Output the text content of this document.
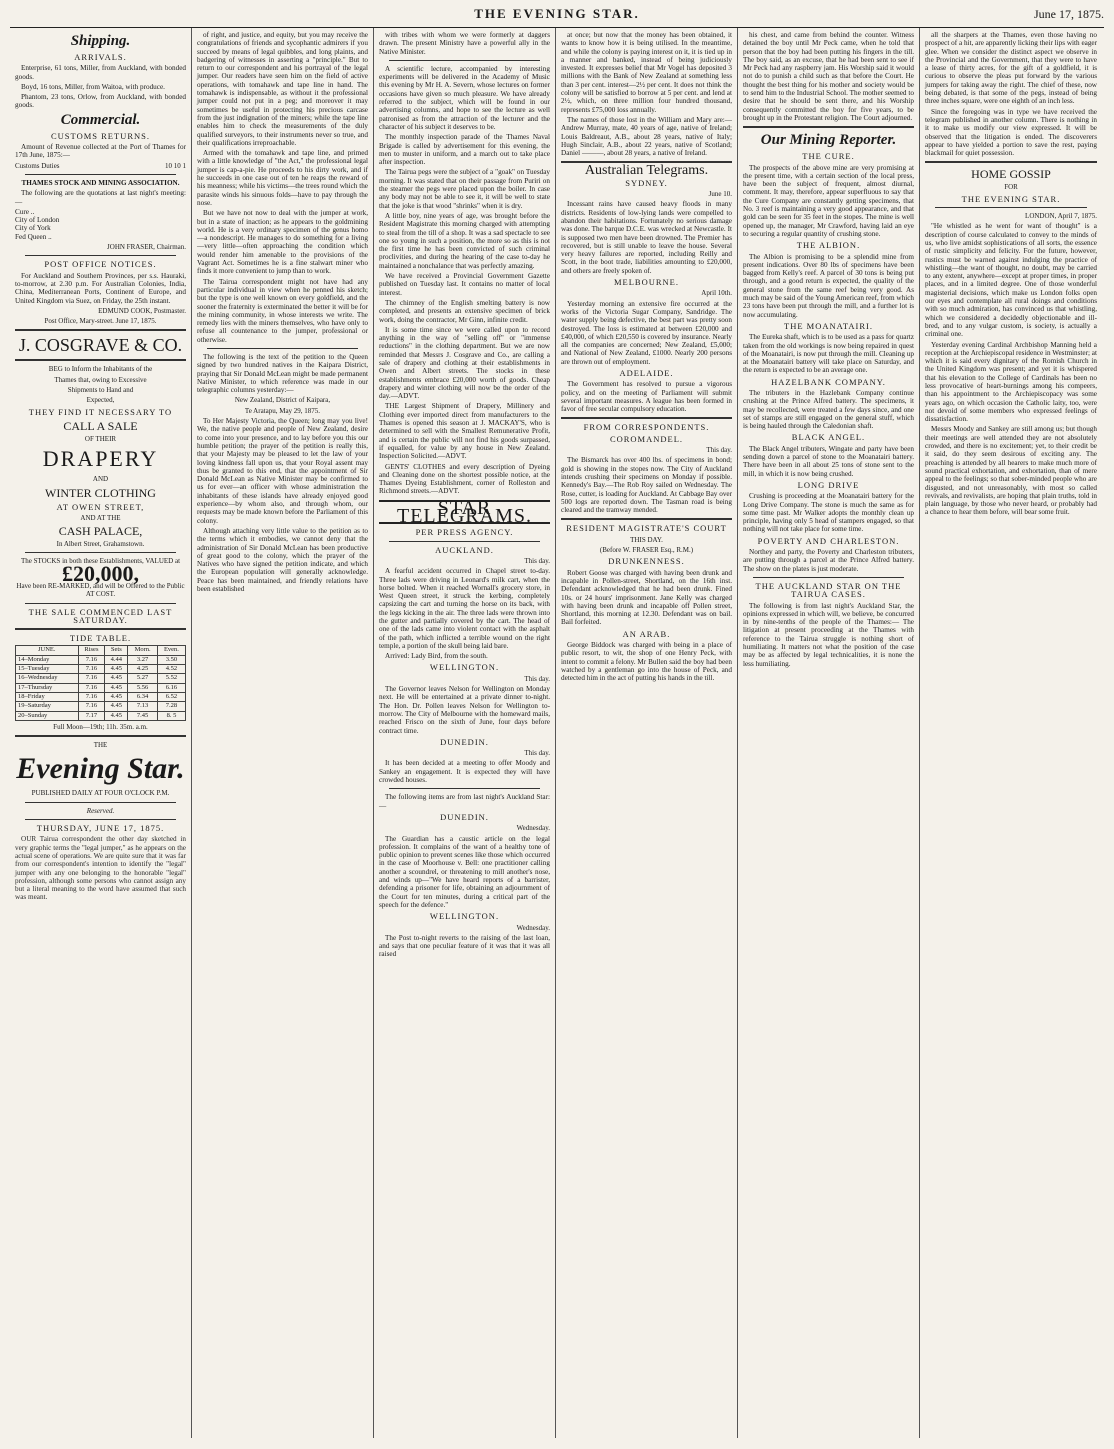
THE EVENING STAR.	June 17, 1875.
Shipping.
ARRIVALS.

Enterprise, 61 tons, Miller, from Auckland, with bonded goods.

Boyd, 16 tons, Miller, from Waitoa, with produce.

Phantom, 23 tons, Orlow, from Auckland, with bonded goods.

Commercial.
CUSTOMS RETURNS.

Amount of Revenue collected at the Port of Thames for 17th June, 1875:—

Customs Duties	10 10 1
THAMES STOCK AND MINING ASSOCIATION.

The following are the quotations at last night's meeting:—

Cure ..
City of London
City of York
Fed Queen ..
JOHN FRASER, Chairman.
POST OFFICE NOTICES.

For Auckland and Southern Provinces, per s.s. Hauraki, to-morrow, at 2.30 p.m. For Australian Colonies, India, China, Mediterranean Ports, Continent of Europe, and United Kingdom via Suez, on Friday, the 25th instant.

EDMUND COOK, Postmaster.
Post Office, Mary-street. June 17, 1875.
J. COSGRAVE & CO.
BEG to Inform the Inhabitants of the
Thames that, owing to Excessive
Shipments to Hand and
Expected,
THEY FIND IT NECESSARY TO
CALL A SALE
OF THEIR
DRAPERY
AND
WINTER CLOTHING
AT OWEN STREET,
AND AT THE
CASH PALACE,
In Albert Street, Grahamstown.
The STOCKS in both these Establishments, VALUED at
£20,000,
Have been RE-MARKED, and will be Offered to the Public AT COST.
THE SALE COMMENCED LAST SATURDAY.
TIDE TABLE.
JUNE.	Rises	Sets	Morn.	Even.
14–Monday	7.16	4.44	3.27	3.50
15–Tuesday	7.16	4.45	4.25	4.52
16–Wednesday	7.16	4.45	5.27	5.52
17–Thursday	7.16	4.45	5.56	6.16
18–Friday	7.16	4.45	6.34	6.52
19–Saturday	7.16	4.45	7.13	7.28
20–Sunday	7.17	4.45	7.45	8. 5
Full Moon—19th; 11h. 35m. a.m.
THE
Evening Star.
PUBLISHED DAILY AT FOUR O'CLOCK P.M.
Reserved.
THURSDAY, JUNE 17, 1875.

OUR Tairua correspondent the other day sketched in very graphic terms the "legal jumper," as he appears on the actual scene of operations. We are quite sure that it was far from our correspondent's intention to identify the "legal" jumper with any one belonging to the honorable "legal" profession, although some persons who cannot assign any but a literal meaning to the word have assumed that such was meant.

of right, and justice, and equity, but you may receive the congratulations of friends and sycophantic admirers if you succeed by means of legal quibbles, and long plaints, and badgering of witnesses in asserting a "principle." But to return to our correspondent and his portrayal of the legal jumper. Our readers have seen him on the field of active operations, with tomahawk and tape line in hand. The tomahawk is indispensable, as without it the professional jumper could not put in a peg; and moreover it may sometimes be useful in protecting his precious carcase from the just indignation of the miners; while the tape line enables him to check the measurements of the duly qualified surveyors, to their instruments never so true, and their qualifications irreproachable.

Armed with the tomahawk and tape line, and primed with a little knowledge of "the Act," the professional legal jumper is cap-a-pie. He proceeds to his dirty work, and if he succeeds in one case out of ten he reaps the reward of his meanness; while his victims—the trees round which the parasite winds his sinuous folds—have to pay through the nose.

But we have not now to deal with the jumper at work, but in a state of inaction; as he appears to the goldmining world. He is a very ordinary specimen of the genus homo—a nondescript. He manages to do something for a living—very little—often approaching the condition which would render him amenable to the provisions of the Vagrant Act. Sometimes he is a fine stalwart miner who finds it more convenient to jump than to work.

The Tairua correspondent might not have had any particular individual in view when he penned his sketch; but the type is one well known on every goldfield, and the sooner the fraternity is exterminated the better it will be for the mining community, in whose interests we write. The remedy lies with the miners themselves, who have only to refuse all countenance to the jumper, professional or otherwise.

The following is the text of the petition to the Queen signed by two hundred natives in the Kaipara District, praying that Sir Donald McLean might be made permanent Native Minister, to which reference was made in our telegraphic columns yesterday:—

New Zealand, District of Kaipara,
Te Aratapu, May 29, 1875.

To Her Majesty Victoria, the Queen; long may you live! We, the native people and people of New Zealand, desire to come into your presence, and to lay before you this our humble petition; the prayer of the petition is really this, that your Majesty may be pleased to let the law of your loving kindness fall upon us, that your Royal assent may thus be granted to this end, that the appointment of Sir Donald McLean as Native Minister may be confirmed to us for ever—an officer with whose administration the inhabitants of these islands have already enjoyed good experience—by whom also, and through whom, our requests may be made known before the Parliament of this colony.

Although attaching very little value to the petition as to the terms which it embodies, we cannot deny that the administration of Sir Donald McLean has been productive of great good to the colony, which the prayer of the Natives who have signed the petition indicate, and which the European population will generally acknowledge. Peace has been maintained, and friendly relations have been established

with tribes with whom we were formerly at daggers drawn. The present Ministry have a powerful ally in the Native Minister.

A scientific lecture, accompanied by interesting experiments will be delivered in the Academy of Music this evening by Mr H. A. Severn, whose lectures on former occasions have given so much pleasure. We have already referred to the subject, which will be found in our advertising columns, and hope to see the lecture as well patronised as from the attraction of the lecturer and the character of his subject it deserves to be.

The monthly inspection parade of the Thames Naval Brigade is called by advertisement for this evening, the men to muster in uniform, and a march out to take place after inspection.

The Tairua pegs were the subject of a "goak" on Tuesday morning. It was stated that on their passage from Puriri on the steamer the pegs were placed upon the boiler. In case any body may not be able to see it, it will be well to state that the joke is that wood "shrinks" when it is dry.

A little boy, nine years of age, was brought before the Resident Magistrate this morning charged with attempting to steal from the till of a shop. It was a sad spectacle to see one so young in such a position, the more so as this is not the first time he has been convicted of such criminal proclivities, and during the hearing of the case to-day he maintained a nonchalance that was perfectly amazing.

We have received a Provincial Government Gazette published on Tuesday last. It contains no matter of local interest.

The chimney of the English smelting battery is now completed, and presents an extensive specimen of brick work, doing the contractor, Mr Ginn, infinite credit.

It is some time since we were called upon to record anything in the way of "selling off" or "immense reductions" in the clothing department. But we are now reminded that Messrs J. Cosgrave and Co., are calling a sale of drapery and clothing at their establishments in Owen and Albert streets. The stocks in these establishments embrace £20,000 worth of goods. Cheap drapery and winter clothing will now be the order of the day.—ADVT.

THE Largest Shipment of Drapery, Millinery and Clothing ever imported direct from manufacturers to the Thames is opened this season at J. MACKAY'S, who is determined to sell with the Smallest Remunerative Profit, and is certain the public will not find his goods surpassed, if equalled, for value by any house in New Zealand. Inspection Solicited.—ADVT.

GENTS' CLOTHES and every description of Dyeing and Cleaning done on the shortest possible notice, at the Thames Dyeing Establishment, corner of Rolleston and Richmond streets.—ADVT.

STAR TELEGRAMS.
PER PRESS AGENCY.
AUCKLAND.
This day.

A fearful accident occurred in Chapel street to-day. Three lads were driving in Leonard's milk cart, when the horse bolted. When it reached Wornall's grocery store, in West Queen street, it struck the kerbing, completely capsizing the cart and turning the horse on its back, with the legs kicking in the air. The three lads were thrown into the gutter and partially covered by the cart. The head of one of the lads came into violent contact with the asphalt of the path, which inflicted a terrible wound on the right temple, a portion of the skull being laid bare.

Arrived: Lady Bird, from the south.

WELLINGTON.
This day.

The Governor leaves Nelson for Wellington on Monday next. He will be entertained at a private dinner to-night. The Hon. Dr. Pollen leaves Nelson for Wellington to-morrow. The City of Melbourne with the homeward mails, reached Frisco on the sixth of June, four days before contract time.

DUNEDIN.
This day.

It has been decided at a meeting to offer Moody and Sankey an engagement. It is expected they will have crowded houses.

The following items are from last night's Auckland Star:—

DUNEDIN.
Wednesday.

The Guardian has a caustic article on the legal profession. It complains of the want of a healthy tone of public opinion to prevent scenes like those which occurred in the case of Moorhouse v. Bell: one practitioner calling another a scoundrel, or threatening to mill another's nose, and winds up—"We have heard reports of a barrister, defending a prisoner for life, obtaining an adjournment of the Court for ten minutes, during a critical part of the speech for the defence."

WELLINGTON.
Wednesday.

The Post to-night reverts to the raising of the last loan, and says that one peculiar feature of it was that it was all raised

at once; but now that the money has been obtained, it wants to know how it is being utilised. In the meantime, and while the colony is paying interest on it, it is tied up in a manner and banked, instead of being judiciously invested. It expresses belief that Mr Vogel has deposited 3 millions with the Bank of New Zealand at something less than 3 per cent. interest—2½ per cent. It does not think the colony will be satisfied to borrow at 5 per cent. and lend at 2½, which, on three million four hundred thousand, represents £75,000 loss annually.

The names of those lost in the William and Mary are:—Andrew Murray, mate, 40 years of age, native of Ireland; Louis Baldreaut, A.B., about 28 years, native of Italy; Hugh Sinclair, A.B., about 22 years, native of Scotland; Daniel ———, about 28 years, a native of Ireland.

Australian Telegrams.
SYDNEY.
June 10.

Incessant rains have caused heavy floods in many districts. Residents of low-lying lands were compelled to abandon their habitations. Fortunately no serious damage was done. The barque D.C.E. was wrecked at Newcastle. It is supposed two men have been drowned. The Premier has recovered, but is still unable to leave the house. Several very heavy failures are reported, including Reilly and Scott, in the boot trade, liabilities amounting to £20,000, and others are freely spoken of.

MELBOURNE.
April 10th.

Yesterday morning an extensive fire occurred at the works of the Victoria Sugar Company, Sandridge. The water supply being defective, the best part was pretty soon destroyed. The loss is estimated at between £20,000 and £40,000, of which £20,550 is covered by insurance. Nearly all the companies are concerned; New Zealand, £5,000; and National of New Zealand, £1000. Nearly 200 persons are thrown out of employment.

ADELAIDE.

The Government has resolved to pursue a vigorous policy, and on the meeting of Parliament will submit several important measures. A league has been formed in favor of free secular compulsory education.

FROM CORRESPONDENTS.
COROMANDEL.
This day.

The Bismarck has over 400 lbs. of specimens in bond; gold is showing in the stopes now. The City of Auckland intends crushing their specimens on Monday if possible. Kennedy's Bay.—The Rob Roy sailed on Wednesday. The Rose, cutter, is loading for Auckland. At Cabbage Bay over 500 logs are reported down. The Tasman road is being cleared and the tramway mended.

RESIDENT MAGISTRATE'S COURT
THIS DAY.
(Before W. FRASER Esq., R.M.)
DRUNKENNESS.

Robert Goose was charged with having been drunk and incapable in Pollen-street, Shortland, on the 16th inst. Defendant acknowledged that he had been drunk. Fined 10s. or 24 hours' imprisonment. Jane Kelly was charged with having been drunk and incapable off Pollen street, Shortland, this morning at 12.30. Defendant was on bail. Bail forfeited.

AN ARAB.

George Biddock was charged with being in a place of public resort, to wit, the shop of one Henry Peck, with intent to commit a felony. Mr Bullen said the boy had been watched by a gentleman go into the house of Peck, and detected him in the act of putting his hands in the till.

his chest, and came from behind the counter. Witness detained the boy until Mr Peck came, when he told that person that the boy had been putting his fingers in the till. The boy said, as an excuse, that he had been sent to see if Mr Peck had any raspberry jam. His Worship said it would not do to punish a child such as that before the Court. He thought the best thing for his mother and society would be to send him to the Industrial School. The mother seemed to desire that he should be sent there, and his Worship consequently committed the boy for five years, to be brought up in the Protestant religion. The Court adjourned.

Our Mining Reporter.
THE CURE.

The prospects of the above mine are very promising at the present time, with a certain section of the local press, have been the subject of frequent, almost diurnal, comment. It may, therefore, appear superfluous to say that the Cure Company are constantly getting specimens, that No. 3 reef is maintaining a very good appearance, and that gold can be seen for 35 feet in the stopes. The mine is well opened up, the manager, Mr Crawford, having laid an eye to securing a regular quantity of crushing stone.

THE ALBION.

The Albion is promising to be a splendid mine from present indications. Over 80 lbs of specimens have been bagged from Kelly's reef. A parcel of 30 tons is being put through, and a good return is expected, the quality of the general stone from the same reef being very good. As much may be said of the Young American reef, from which 23 tons have been put through the mill, and a further lot is now accumulating.

THE MOANATAIRI.

The Eureka shaft, which is to be used as a pass for quartz taken from the old workings is now being repaired in quest of the Moanatairi, is now put through the mill. Cleaning up at the Moanatairi battery will take place on Saturday, and the return is expected to be an average one.

HAZELBANK COMPANY.

The tributers in the Hazlebank Company continue crushing at the Prince Alfred battery. The specimens, it may be recollected, were treated a few days since, and one set of stamps are still engaged on the general stuff, which is being hauled through the Caledonian shaft.

BLACK ANGEL.

The Black Angel tributers, Wingate and party have been sending down a parcel of stone to the Moanatairi battery. There have been in all about 25 tons of stone sent to the mill, in which it is now being crushed.

LONG DRIVE

Crushing is proceeding at the Moanatairi battery for the Long Drive Company. The stone is much the same as for some time past. Mr Walker adopts the monthly clean up principle, having only 5 head of stampers engaged, so that nothing will not take place for some time.

POVERTY AND CHARLESTON.

Northey and party, the Poverty and Charleston tributers, are putting through a parcel at the Prince Alfred battery. The show on the plates is just moderate.

THE AUCKLAND STAR ON THE TAIRUA CASES.

The following is from last night's Auckland Star, the opinions expressed in which will, we believe, be concurred in by nine-tenths of the people of the Thames:— The litigation at present proceeding at the Thames with reference to the Tairua struggle is nothing short of humiliating. It matters not what the position of the case may be as affected by legal technicalities, it is none the less humiliating.

all the sharpers at the Thames, even those having no prospect of a hit, are apparently licking their lips with eager glee. When we consider the distinct aspect we observe in the Provincial and the Government, that they were to have a lease of thirty acres, for the gift of a goldfield, it is curious to observe the pleas put forward by the various jumpers for taking away the right. The chief of these, now being debated, is that some of the pegs, instead of being three inches square, were one eighth of an inch less.

Since the foregoing was in type we have received the telegram published in another column. There is nothing in it to make us modify our view expressed. It will be observed that the litigation is ended. The discoverers appear to have yielded a portion to save the rest, paying blackmail for quiet possession.

HOME GOSSIP
FOR
THE EVENING STAR.
LONDON, April 7, 1875.

"He whistled as he went for want of thought" is a description of course calculated to convey to the minds of us, who live amidst sophistications of all sorts, the essence of rustic simplicity and felicity. For the future, however, rustics must be warned against indulging the practice of whistling—the want of thought, no doubt, may be carried to any extent, anywhere—except at proper times, in proper places, and in a limited degree. One of those wonderful magisterial decisions, which make us London folks open our eyes and contemplate all rural doings and conditions with so much admiration, has convinced us that whistling, which we considered a decidedly objectionable and ill-bred, and to any vulgar custom, is society, is actually a criminal one.

Yesterday evening Cardinal Archbishop Manning held a reception at the Archiepiscopal residence in Westminster; at which it is said every dignitary of the Romish Church in the United Kingdom was present; and yet it is whispered that his elevation to the College of Cardinals has been no less provocative of heart-burnings among his compeers, than his appointment to the Archiepiscopacy was some years ago, on which occasion the Catholic laity, too, were not devoid of some members who expressed feelings of dissatisfaction.

Messrs Moody and Sankey are still among us; but though their meetings are well attended they are not absolutely crowded, and there is no excitement; yet, to their credit be it said, do they seem desirous of exciting any. The preaching is attended by all hearers to make much more of sound practical exhortation, and exhortation, than of mere appeal to the feelings; so that sober-minded people who are disgusted, and not unreasonably, with most so called revivals, and revivalists, are hoping that plain truths, told in plain language, by those who never heard, or probably had a chance to hear them before, will bear some fruit.
